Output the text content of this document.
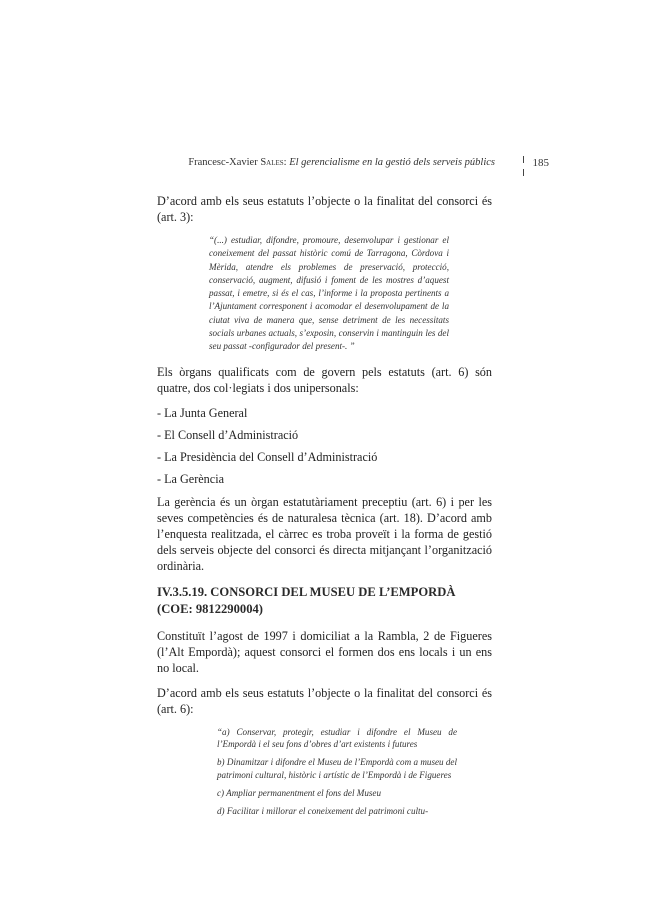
Francesc-Xavier Sales: El gerencialisme en la gestió dels serveis públics	185

D’acord amb els seus estatuts l’objecte o la finalitat del consorci és (art. 3):

“(...) estudiar, difondre, promoure, desenvolupar i gestionar el coneixement del passat històric comú de Tarragona, Còrdova i Mèrida, atendre els problemes de preservació, protecció, conservació, augment, difusió i foment de les mostres d’aquest passat, i emetre, si és el cas, l’informe i la proposta pertinents a l’Ajuntament corresponent i acomodar el desenvolupament de la ciutat viva de manera que, sense detriment de les necessitats socials urbanes actuals, s’exposin, conservin i mantinguin les del seu passat -configurador del present-. ”

Els òrgans qualificats com de govern pels estatuts (art. 6) són quatre, dos col·legiats i dos unipersonals:

- La Junta General
- El Consell d’Administració
- La Presidència del Consell d’Administració
- La Gerència

La gerència és un òrgan estatutàriament preceptiu (art. 6) i per les seves competències és de naturalesa tècnica (art. 18). D’acord amb l’enquesta realitzada, el càrrec es troba proveït i la forma de gestió dels serveis objecte del consorci és directa mitjançant l’organització ordinària.

IV.3.5.19. CONSORCI DEL MUSEU DE L’EMPORDÀ
(COE: 9812290004)

Constituït l’agost de 1997 i domiciliat a la Rambla, 2 de Figueres (l’Alt Empordà); aquest consorci el formen dos ens locals i un ens no local.

D’acord amb els seus estatuts l’objecte o la finalitat del consorci és (art. 6):

“a) Conservar, protegir, estudiar i difondre el Museu de l’Empordà i el seu fons d’obres d’art existents i futures
b) Dinamitzar i difondre el Museu de l’Empordà com a museu del patrimoni cultural, històric i artístic de l’Empordà i de Figueres
c) Ampliar permanentment el fons del Museu
d) Facilitar i millorar el coneixement del patrimoni cultu-
